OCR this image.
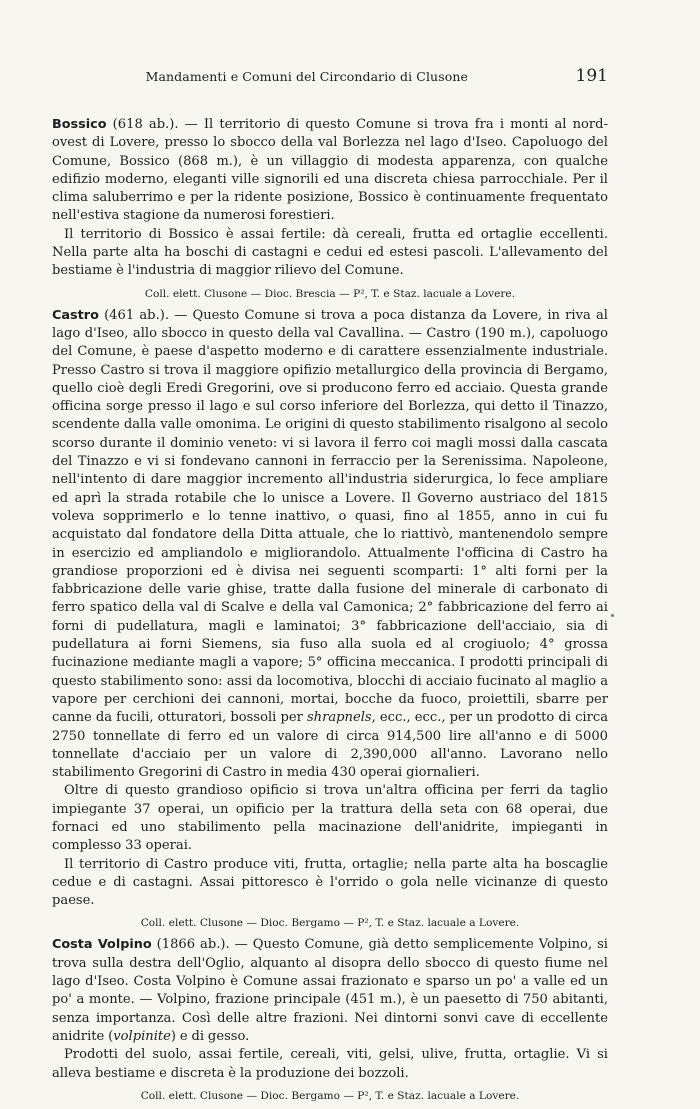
Mandamenti e Comuni del Circondario di Clusone	191

Bossico (618 ab.). — Il territorio di questo Comune si trova fra i monti al nord-ovest di Lovere, presso lo sbocco della val Borlezza nel lago d'Iseo. Capoluogo del Comune, Bossico (868 m.), è un villaggio di modesta apparenza, con qualche edifizio moderno, eleganti ville signorili ed una discreta chiesa parrocchiale. Per il clima saluberrimo e per la ridente posizione, Bossico è continuamente frequentato nell'estiva stagione da numerosi forestieri.

Il territorio di Bossico è assai fertile: dà cereali, frutta ed ortaglie eccellenti. Nella parte alta ha boschi di castagni e cedui ed estesi pascoli. L'allevamento del bestiame è l'industria di maggior rilievo del Comune.

Coll. elett. Clusone — Dioc. Brescia — P², T. e Staz. lacuale a Lovere.

Castro (461 ab.). — Questo Comune si trova a poca distanza da Lovere, in riva al lago d'Iseo, allo sbocco in questo della val Cavallina. — Castro (190 m.), capoluogo del Comune, è paese d'aspetto moderno e di carattere essenzialmente industriale. Presso Castro si trova il maggiore opifizio metallurgico della provincia di Bergamo, quello cioè degli Eredi Gregorini, ove si producono ferro ed acciaio. Questa grande officina sorge presso il lago e sul corso inferiore del Borlezza, qui detto il Tinazzo, scendente dalla valle omonima. Le origini di questo stabilimento risalgono al secolo scorso durante il dominio veneto: vi si lavora il ferro coi magli mossi dalla cascata del Tinazzo e vi si fondevano cannoni in ferraccio per la Serenissima. Napoleone, nell'intento di dare maggior incremento all'industria siderurgica, lo fece ampliare ed aprì la strada rotabile che lo unisce a Lovere. Il Governo austriaco del 1815 voleva sopprimerlo e lo tenne inattivo, o quasi, fino al 1855, anno in cui fu acquistato dal fondatore della Ditta attuale, che lo riattivò, mantenendolo sempre in esercizio ed ampliandolo e migliorandolo. Attualmente l'officina di Castro ha grandiose proporzioni ed è divisa nei seguenti scomparti: 1° alti forni per la fabbricazione delle varie ghise, tratte dalla fusione del minerale di carbonato di ferro spatico della val di Scalve e della val Camonica; 2° fabbricazione del ferro ai forni di pudellatura, magli e laminatoi; 3° fabbricazione dell'acciaio, sia di pudellatura ai forni Siemens, sia fuso alla suola ed al crogiuolo; 4° grossa fucinazione mediante magli a vapore; 5° officina meccanica. I prodotti principali di questo stabilimento sono: assi da locomotiva, blocchi di acciaio fucinato al maglio a vapore per cerchioni dei cannoni, mortai, bocche da fuoco, proiettili, sbarre per canne da fucili, otturatori, bossoli per shrapnels, ecc., ecc., per un prodotto di circa 2750 tonnellate di ferro ed un valore di circa 914,500 lire all'anno e di 5000 tonnellate d'acciaio per un valore di 2,390,000 all'anno. Lavorano nello stabilimento Gregorini di Castro in media 430 operai giornalieri.

Oltre di questo grandioso opificio si trova un'altra officina per ferri da taglio impiegante 37 operai, un opificio per la trattura della seta con 68 operai, due fornaci ed uno stabilimento pella macinazione dell'anidrite, impieganti in complesso 33 operai.

Il territorio di Castro produce viti, frutta, ortaglie; nella parte alta ha boscaglie cedue e di castagni. Assai pittoresco è l'orrido o gola nelle vicinanze di questo paese.

Coll. elett. Clusone — Dioc. Bergamo — P², T. e Staz. lacuale a Lovere.

Costa Volpino (1866 ab.). — Questo Comune, già detto semplicemente Volpino, si trova sulla destra dell'Oglio, alquanto al disopra dello sbocco di questo fiume nel lago d'Iseo. Costa Volpino è Comune assai frazionato e sparso un po' a valle ed un po' a monte. — Volpino, frazione principale (451 m.), è un paesetto di 750 abitanti, senza importanza. Così delle altre frazioni. Nei dintorni sonvi cave di eccellente anidrite (volpinite) e di gesso.

Prodotti del suolo, assai fertile, cereali, viti, gelsi, ulive, frutta, ortaglie. Vi si alleva bestiame e discreta è la produzione dei bozzoli.

Coll. elett. Clusone — Dioc. Bergamo — P², T. e Staz. lacuale a Lovere.
